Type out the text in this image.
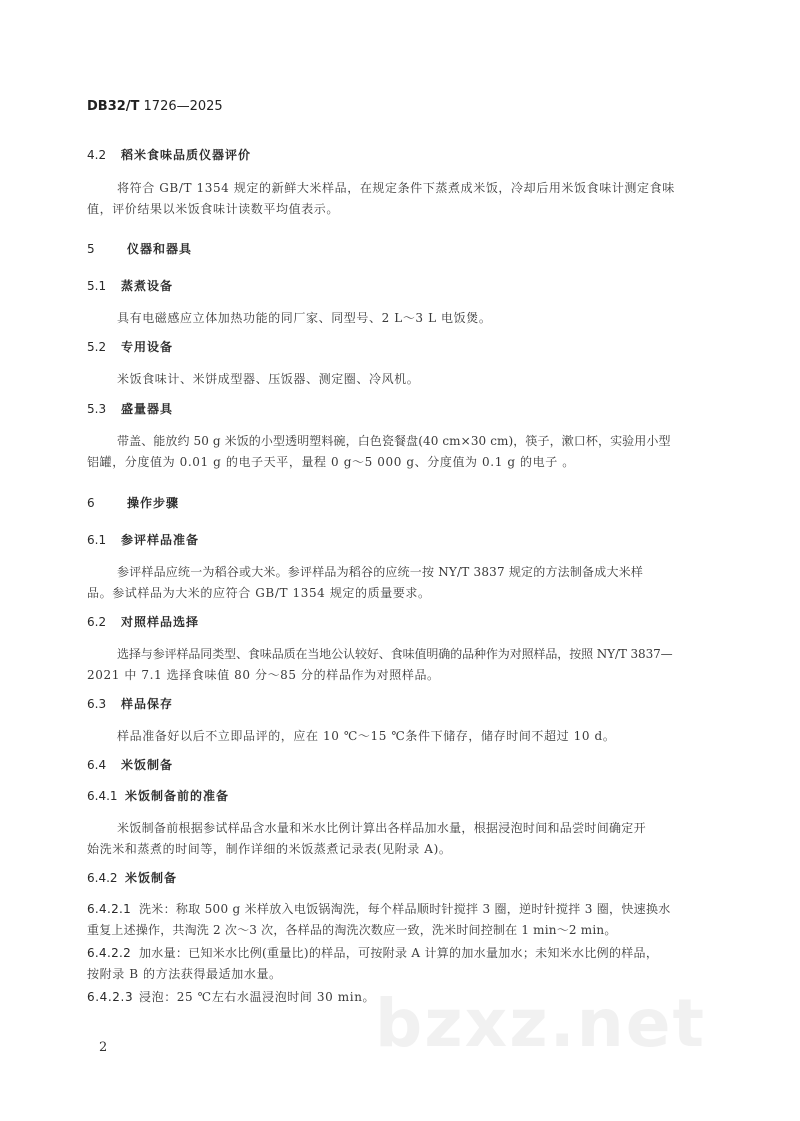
DB32/T 1726—2025
4.2 稻米食味品质仪器评价
将符合 GB/T 1354 规定的新鲜大米样品，在规定条件下蒸煮成米饭，冷却后用米饭食味计测定食味
值，评价结果以米饭食味计读数平均值表示。
5	仪器和器具
5.1 蒸煮设备
具有电磁感应立体加热功能的同厂家、同型号、2 L～3 L 电饭煲。
5.2 专用设备
米饭食味计、米饼成型器、压饭器、测定圈、冷风机。
5.3 盛量器具
带盖、能放约 50 g 米饭的小型透明塑料碗，白色瓷餐盘(40 cm×30 cm)，筷子，漱口杯，实验用小型
铝罐，分度值为 0.01 g 的电子天平，量程 0 g～5 000 g、分度值为 0.1 g 的电子 。
6	操作步骤
6.1 参评样品准备
参评样品应统一为稻谷或大米。参评样品为稻谷的应统一按 NY/T 3837 规定的方法制备成大米样
品。参试样品为大米的应符合 GB/T 1354 规定的质量要求。
6.2 对照样品选择
选择与参评样品同类型、食味品质在当地公认较好、食味值明确的品种作为对照样品，按照 NY/T 3837—
2021 中 7.1 选择食味值 80 分～85 分的样品作为对照样品。
6.3 样品保存
样品准备好以后不立即品评的，应在 10 ℃～15 ℃条件下储存，储存时间不超过 10 d。
6.4 米饭制备
6.4.1 米饭制备前的准备
米饭制备前根据参试样品含水量和米水比例计算出各样品加水量，根据浸泡时间和品尝时间确定开
始洗米和蒸煮的时间等，制作详细的米饭蒸煮记录表(见附录 A)。
6.4.2 米饭制备
6.4.2.1 洗米：称取 500 g 米样放入电饭锅淘洗，每个样品顺时针搅拌 3 圈，逆时针搅拌 3 圈，快速换水
重复上述操作，共淘洗 2 次～3 次，各样品的淘洗次数应一致，洗米时间控制在 1 min～2 min。
6.4.2.2 加水量：已知米水比例(重量比)的样品，可按附录 A 计算的加水量加水；未知米水比例的样品，
按附录 B 的方法获得最适加水量。
6.4.2.3 浸泡：25 ℃左右水温浸泡时间 30 min。 bzxz.net
2
